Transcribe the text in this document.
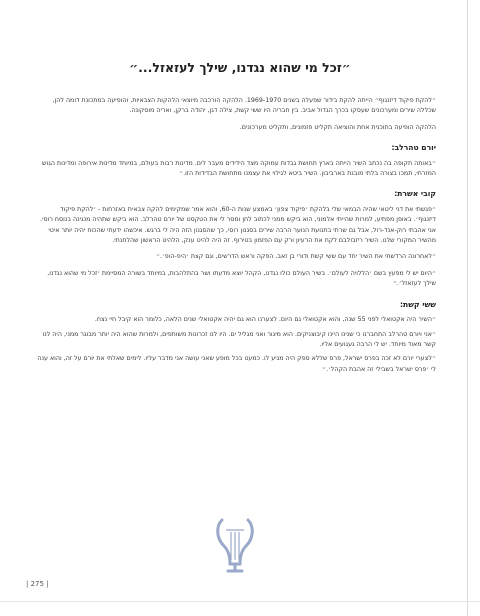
״זכל מי שהוא נגדנו, שילך לעזאזל...״

״להקת פיקוד דיזנגוף״ הייתה להקת בידור שפעלה בשנים 1969-1970. הלהקה הורכבה מיוצאי הלהקות הצבאיות, והופיעה במתכונת דומה להן, שכללה שירים ומערכונים שעסקו בכרך הגדול אביב. בין חבריה היו ששי קשת, צילה דגן, יהודה ברקן, ואריה מוסקונה.

הלהקה הופיעה בתוכנית אחת והוציאה תקליט פזמונים, ותקליט מערכונים.

יורם טהרלב:

״באותה תקופה בה נכתב השיר הייתה בארץ תחושת גבדות עמוקה מצד הידידים מעבר לים. מדינות רבות בעולם, במיוחד מדינות אירופה ומדינות הגוש המזרחי, תמכו בצורה בלתי מובנת בארביבון. השיר ביטא לגילוי את עצמנו מתחושת הבדידות הזו.״

קובי אשרת:

״פגשתי את דני ליטאי שהיה הבמאי שלי בלהקת ׳פיקוד צפון׳ באמצע שנות ה-60, והוא אמר שמקימים להקה צבאית באזרחות - ׳להקת פיקוד דיזנגוף׳. באופן מפתיע, למרות שהייתי אלמוני, הוא ביקש ממני לכתוב לחן ומסר לי את הטקסט של יורם טהרלב. הוא ביקש שתהיה מנגינה בנוסח רוסי. אני אהבתי רוק-אנד-רול, אבל גם שרתי בתנועת הנוער הרבה שירים בסגנון רוסי, כך שהסגנון הזה היה לי ברגש. איכשהו ידעתי שהכוח יהיה יותר איטי מהשיר המקורי שלנו. השיר ריזבולבם לקח את הרעיון ורק עם הפזמון בטירוף. זה היה להיט ענק, הלהיט הראשון שהלחנתי.

״לאחרונה הרדשתי את השיר יחד עם ששי קשת ודורי בן זאב. הפקה וראש הדרשים, וגם קצת ׳היפ-הופ׳.״

״היום יש לי מפעץ בשם ׳הללויה לעולם׳. בשיר העולם כולו נגדנו, הקהל יוצא מדעתו ושר בהתלהבות, במיוחד בשורה המסיימת ׳זכל מי שהוא נגדנו, שילך לעזאזל׳.״

ששי קשת:

״השיר היה אקטואלי לפני 55 שנה, והוא אקטואלי גם היום. לצערנו הוא גם יהיה אקטואלי שנים הלאה, כלומר הוא קיבל חיי נצח.

״אני ויורם טהרלב התחברנו כי שנינו היינו קיבוצניקים. הוא מיגור ואני מגליל ים. היו לנו זכרונות משותפים, ולמרות שהוא היה יותר מבוגר ממני, היה לנו קשר מאוד מיוחד. יש לי הרבה געגועים אליו.

״לצערי יורם לא זכה בפרס ישראל, פרס שללא ספק היה מגיע לו. כמעט בכל מופע שאני עושה אני מדבר עליו. לימים שאלתי את יורם על זה, והוא ענה לי ׳פרס ישראל בשבילי זה אהבת הקהל׳.״

| 275 |
